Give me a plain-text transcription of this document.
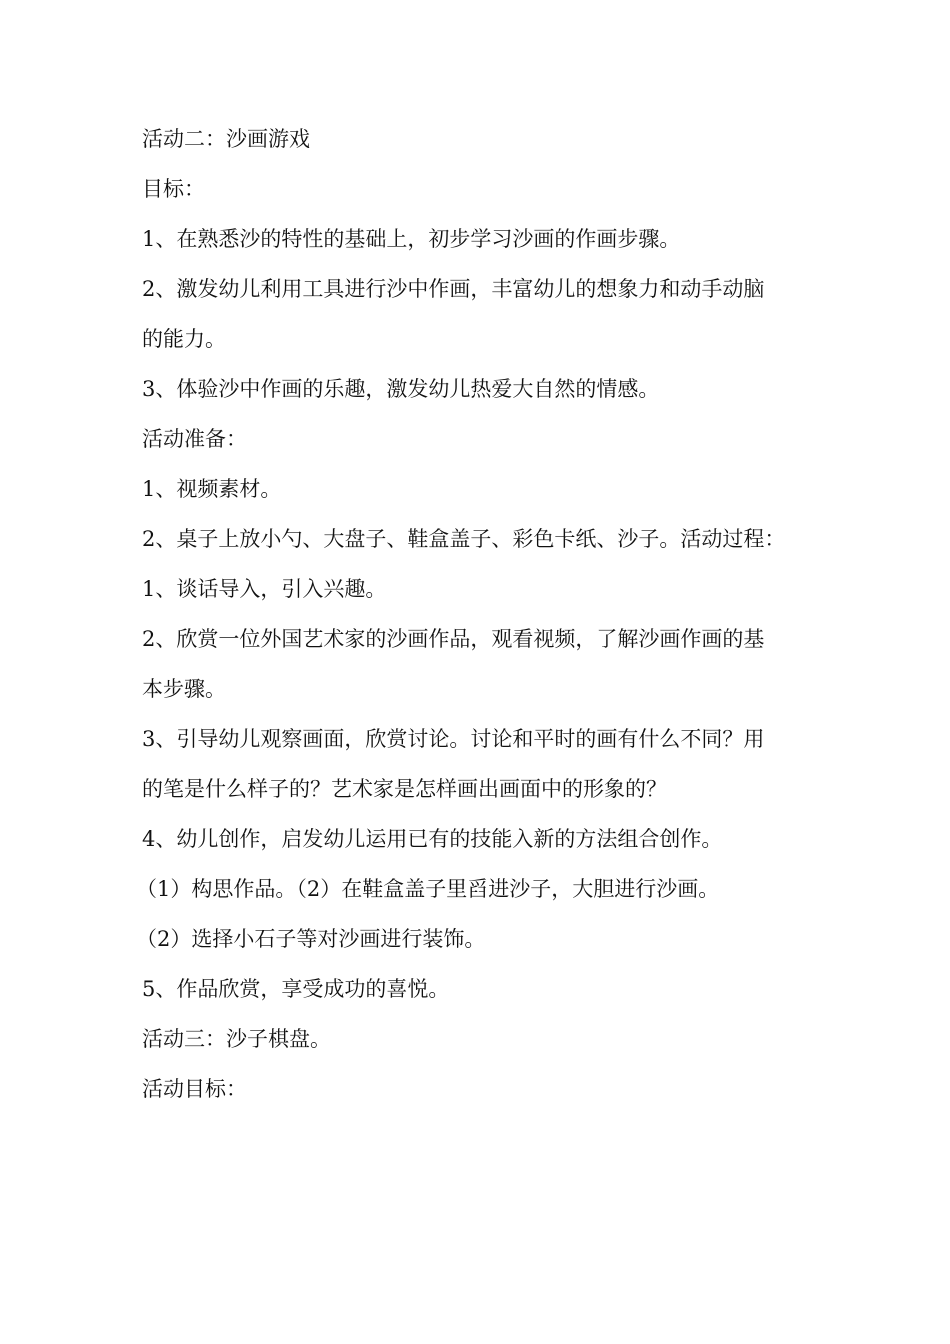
活动二：沙画游戏

目标：

1、在熟悉沙的特性的基础上，初步学习沙画的作画步骤。

2、激发幼儿利用工具进行沙中作画，丰富幼儿的想象力和动手动脑

的能力。

3、体验沙中作画的乐趣，激发幼儿热爱大自然的情感。

活动准备：

1、视频素材。

2、桌子上放小勺、大盘子、鞋盒盖子、彩色卡纸、沙子。活动过程：

1、谈话导入，引入兴趣。

2、欣赏一位外国艺术家的沙画作品，观看视频，了解沙画作画的基

本步骤。

3、引导幼儿观察画面，欣赏讨论。讨论和平时的画有什么不同？用

的笔是什么样子的？艺术家是怎样画出画面中的形象的？

4、幼儿创作，启发幼儿运用已有的技能入新的方法组合创作。

（1）构思作品。（2）在鞋盒盖子里舀进沙子，大胆进行沙画。

（2）选择小石子等对沙画进行装饰。

5、作品欣赏，享受成功的喜悦。

活动三：沙子棋盘。

活动目标：
